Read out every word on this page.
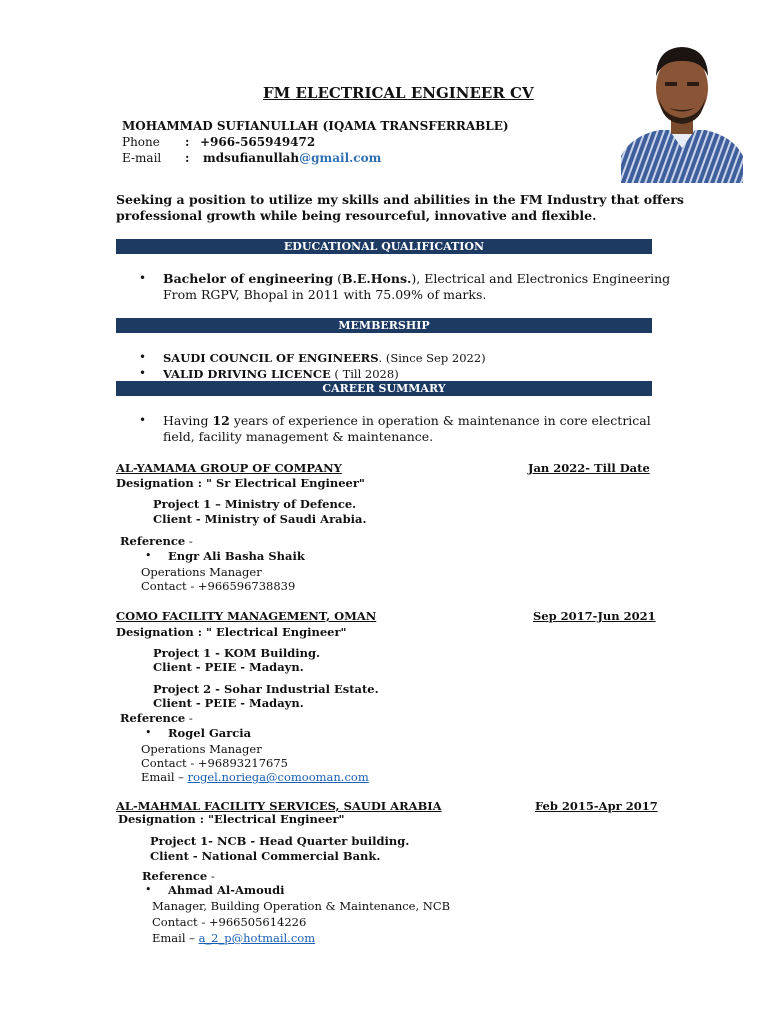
FM ELECTRICAL ENGINEER CV
MOHAMMAD SUFIANULLAH (IQAMA TRANSFERRABLE)
Phone : +966-565949472
E-mail : mdsufianullah@gmail.com
Seeking a position to utilize my skills and abilities in the FM Industry that offers
professional growth while being resourceful, innovative and flexible.
EDUCATIONAL QUALIFICATION
• Bachelor of engineering (B.E.Hons.), Electrical and Electronics Engineering
From RGPV, Bhopal in 2011 with 75.09% of marks.
MEMBERSHIP
• SAUDI COUNCIL OF ENGINEERS. (Since Sep 2022)
• VALID DRIVING LICENCE ( Till 2028)
CAREER SUMMARY
• Having 12 years of experience in operation & maintenance in core electrical
field, facility management & maintenance.
AL-YAMAMA GROUP OF COMPANY	Jan 2022- Till Date
Designation : " Sr Electrical Engineer"
Project 1 – Ministry of Defence.
Client - Ministry of Saudi Arabia.
Reference -
• Engr Ali Basha Shaik
Operations Manager
Contact - +966596738839
COMO FACILITY MANAGEMENT, OMAN	Sep 2017-Jun 2021
Designation : " Electrical Engineer"
Project 1 - KOM Building.
Client - PEIE - Madayn.
Project 2 - Sohar Industrial Estate.
Client - PEIE - Madayn.
Reference -
• Rogel Garcia
Operations Manager
Contact - +96893217675
Email – rogel.noriega@comooman.com
AL-MAHMAL FACILITY SERVICES, SAUDI ARABIA	Feb 2015-Apr 2017
Designation : "Electrical Engineer"
Project 1- NCB - Head Quarter building.
Client - National Commercial Bank.
Reference -
• Ahmad Al-Amoudi
Manager, Building Operation & Maintenance, NCB
Contact - +966505614226
Email – a_2_p@hotmail.com
